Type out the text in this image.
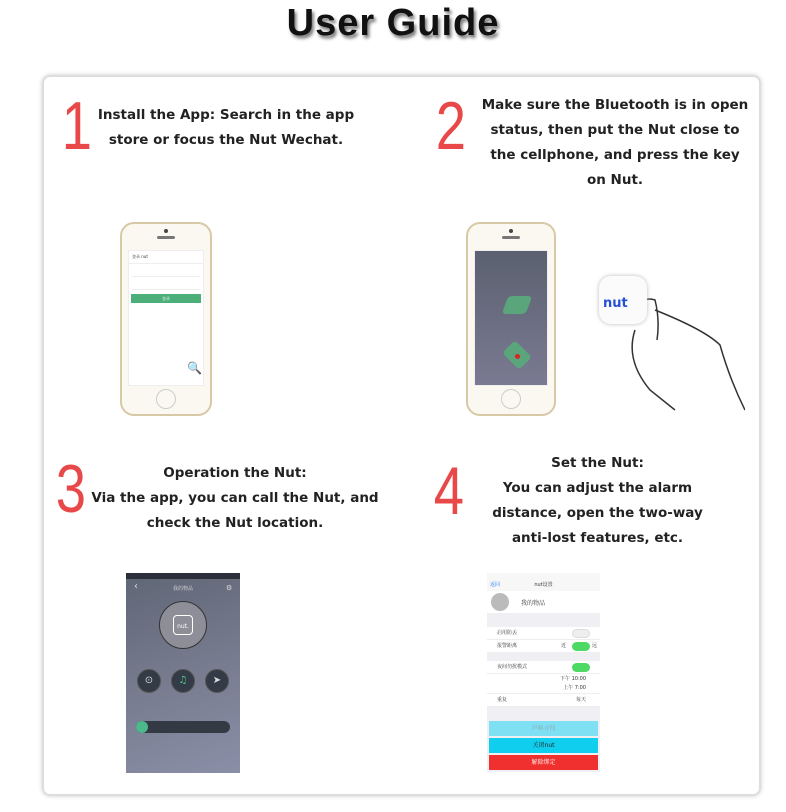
User Guide
1 Install the App: Search in the app
store or focus the Nut Wechat. 2	Make sure the Bluetooth is in open
status, then put the Nut close to
the cellphone, and press the key
on Nut.
3	Operation the Nut:
Via the app, you can call the Nut, and
check the Nut location.	4	Set the Nut:
You can adjust the alarm
distance, open the two-way
anti-lost features, etc.
登录 nut
登录
🔍
nut
‹	我的物品	⚙
nut.
⊙	♫	➤
返回	nut设置
我的物品
启用防丢
报警距离	近	远
夜间勿扰模式
下午 10:00

上午 7:00
重复	每天
声响寻找
关闭nut
解除绑定
